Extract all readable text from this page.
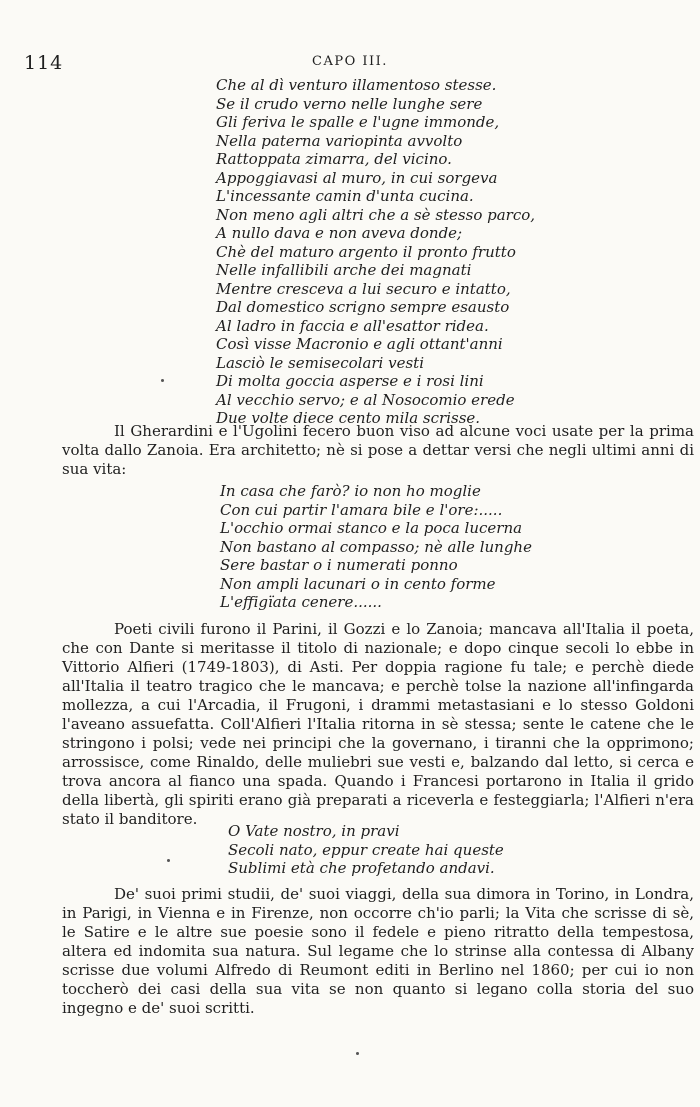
114	CAPO III.
Che al dì venturo illamentoso stesse.
Se il crudo verno nelle lunghe sere
Gli feriva le spalle e l'ugne immonde,
Nella paterna variopinta avvolto
Rattoppata zimarra, del vicino.
Appoggiavasi al muro, in cui sorgeva
L'incessante camin d'unta cucina.
Non meno agli altri che a sè stesso parco,
A nullo dava e non aveva donde;
Chè del maturo argento il pronto frutto
Nelle infallibili arche dei magnati
Mentre cresceva a lui securo e intatto,
Dal domestico scrigno sempre esausto
Al ladro in faccia e all'esattor ridea.
Così visse Macronio e agli ottant'anni
Lasciò le semisecolari vesti
Di molta goccia asperse e i rosi lini
Al vecchio servo; e al Nosocomio erede
Due volte diece cento mila scrisse.
Il Gherardini e l'Ugolini fecero buon viso ad alcune voci usate per la prima volta dallo Zanoia. Era architetto; nè si pose a dettar versi che negli ultimi anni di sua vita:
In casa che farò? io non ho moglie
Con cui partir l'amara bile e l'ore:.....
L'occhio ormai stanco e la poca lucerna
Non bastano al compasso; nè alle lunghe
Sere bastar o i numerati ponno
Non ampli lacunari o in cento forme
L'effigïata cenere......
Poeti civili furono il Parini, il Gozzi e lo Zanoia; mancava all'Italia il poeta, che con Dante si meritasse il titolo di nazionale; e dopo cinque secoli lo ebbe in Vittorio Alfieri (1749-1803), di Asti. Per doppia ragione fu tale; e perchè diede all'Italia il teatro tragico che le mancava; e perchè tolse la nazione all'infingarda mollezza, a cui l'Arcadia, il Frugoni, i drammi metastasiani e lo stesso Goldoni l'aveano assuefatta. Coll'Alfieri l'Italia ritorna in sè stessa; sente le catene che le stringono i polsi; vede nei principi che la governano, i tiranni che la opprimono; arrossisce, come Rinaldo, delle muliebri sue vesti e, balzando dal letto, si cerca e trova ancora al fianco una spada. Quando i Francesi portarono in Italia il grido della libertà, gli spiriti erano già preparati a riceverla e festeggiarla; l'Alfieri n'era stato il banditore.
O Vate nostro, in pravi
Secoli nato, eppur create hai queste
Sublimi età che profetando andavi.
De' suoi primi studii, de' suoi viaggi, della sua dimora in Torino, in Londra, in Parigi, in Vienna e in Firenze, non occorre ch'io parli; la Vita che scrisse di sè, le Satire e le altre sue poesie sono il fedele e pieno ritratto della tempestosa, altera ed indomita sua natura. Sul legame che lo strinse alla contessa di Albany scrisse due volumi Alfredo di Reumont editi in Berlino nel 1860; per cui io non toccherò dei casi della sua vita se non quanto si legano colla storia del suo ingegno e de' suoi scritti.
